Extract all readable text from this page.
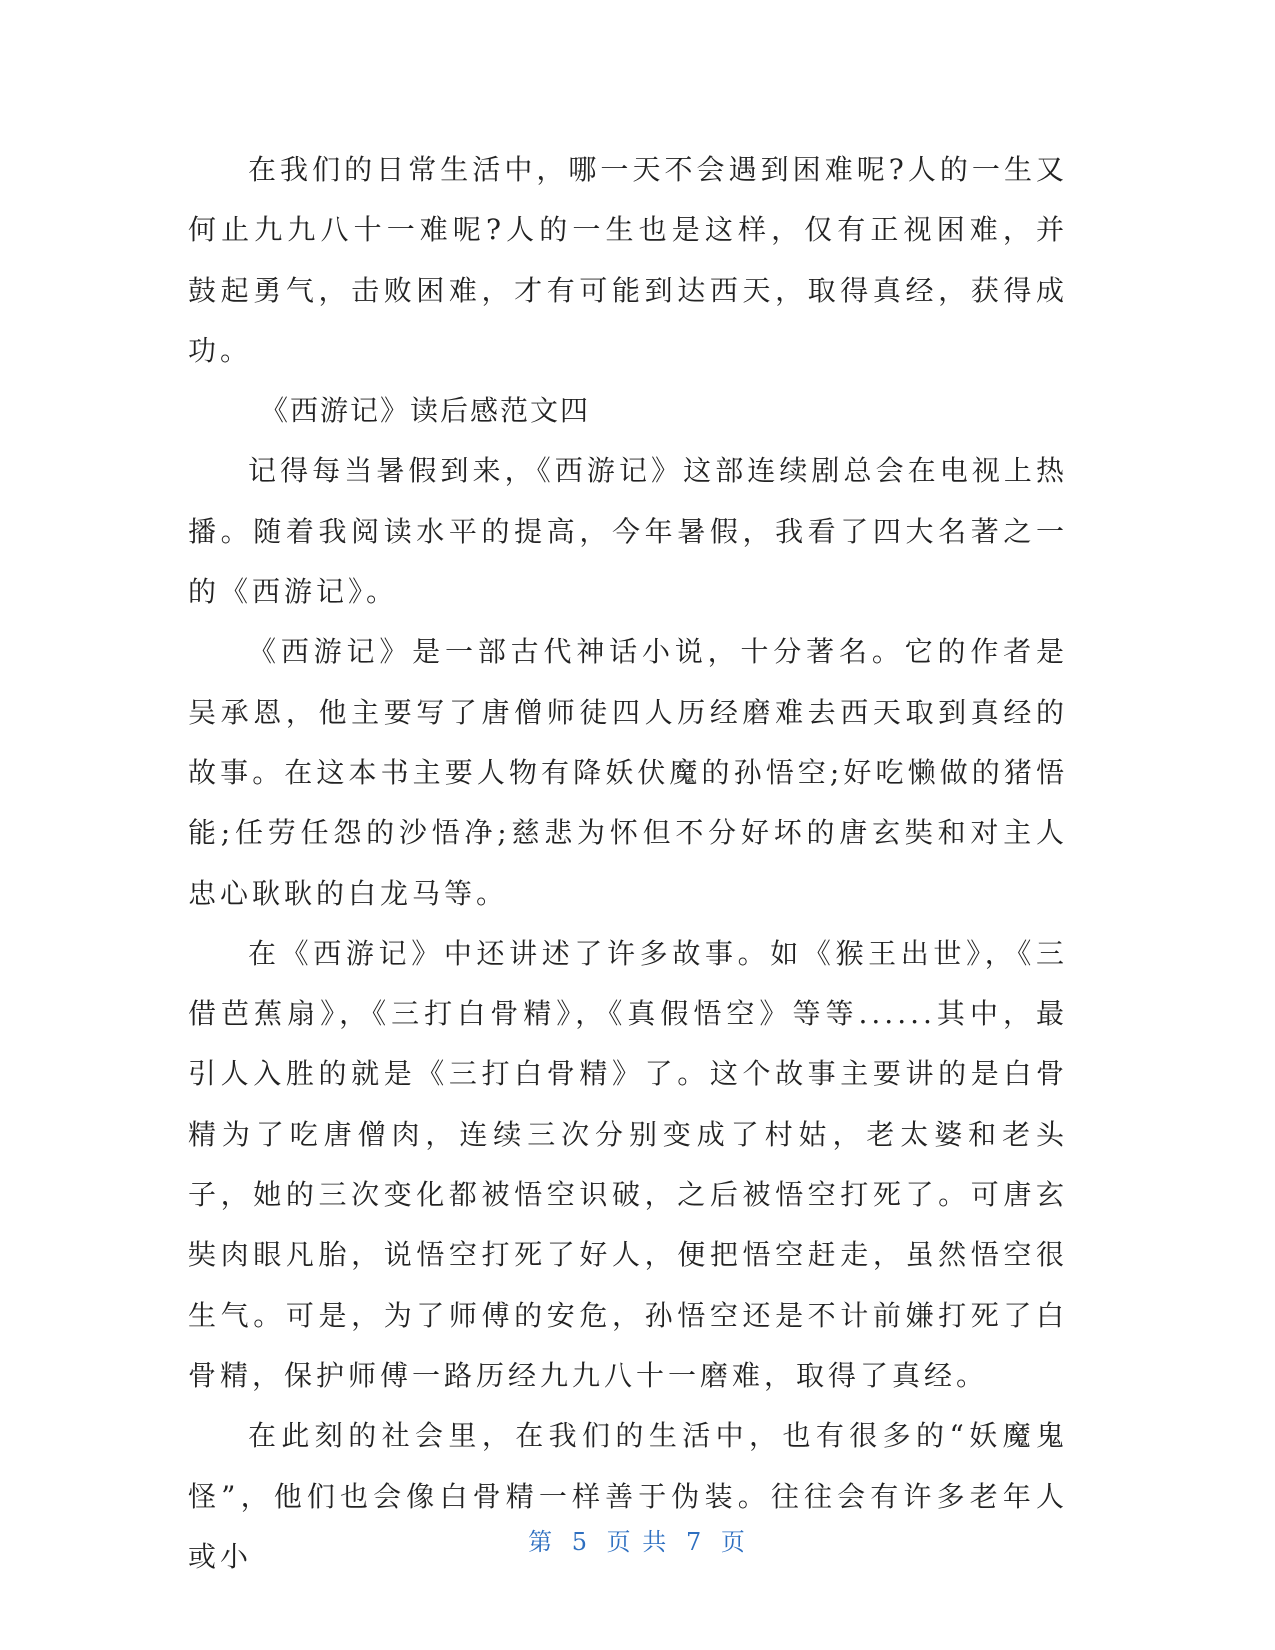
在我们的日常生活中，哪一天不会遇到困难呢?人的一生又何止九九八十一难呢?人的一生也是这样，仅有正视困难，并鼓起勇气，击败困难，才有可能到达西天，取得真经，获得成功。

《西游记》读后感范文四

记得每当暑假到来，《西游记》这部连续剧总会在电视上热播。随着我阅读水平的提高，今年暑假，我看了四大名著之一的《西游记》。

《西游记》是一部古代神话小说，十分著名。它的作者是吴承恩，他主要写了唐僧师徒四人历经磨难去西天取到真经的故事。在这本书主要人物有降妖伏魔的孙悟空;好吃懒做的猪悟能;任劳任怨的沙悟净;慈悲为怀但不分好坏的唐玄奘和对主人忠心耿耿的白龙马等。

在《西游记》中还讲述了许多故事。如《猴王出世》，《三借芭蕉扇》，《三打白骨精》，《真假悟空》等等......其中，最引人入胜的就是《三打白骨精》了。这个故事主要讲的是白骨精为了吃唐僧肉，连续三次分别变成了村姑，老太婆和老头子，她的三次变化都被悟空识破，之后被悟空打死了。可唐玄奘肉眼凡胎，说悟空打死了好人，便把悟空赶走，虽然悟空很生气。可是，为了师傅的安危，孙悟空还是不计前嫌打死了白骨精，保护师傅一路历经九九八十一磨难，取得了真经。

在此刻的社会里，在我们的生活中，也有很多的“妖魔鬼怪”，他们也会像白骨精一样善于伪装。往往会有许多老年人或小	第 5 页 共 7 页
